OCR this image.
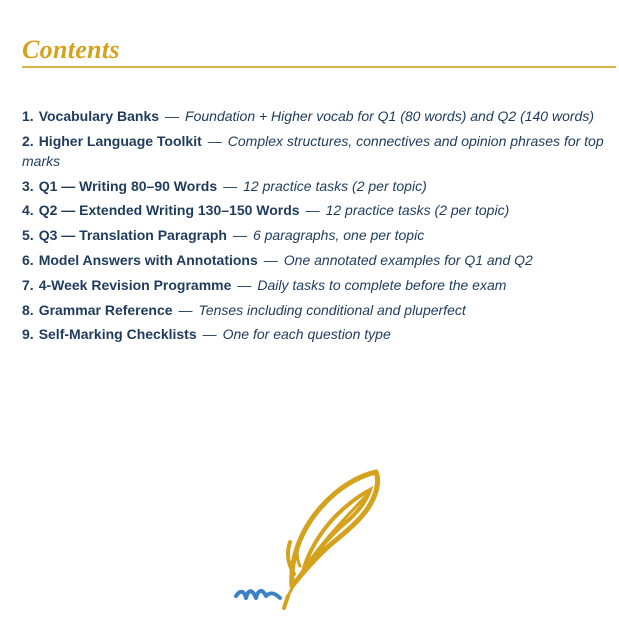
Contents
1. Vocabulary Banks — Foundation + Higher vocab for Q1 (80 words) and Q2 (140 words)
2. Higher Language Toolkit — Complex structures, connectives and opinion phrases for top marks
3. Q1 — Writing 80–90 Words — 12 practice tasks (2 per topic)
4. Q2 — Extended Writing 130–150 Words — 12 practice tasks (2 per topic)
5. Q3 — Translation Paragraph — 6 paragraphs, one per topic
6. Model Answers with Annotations — One annotated examples for Q1 and Q2
7. 4-Week Revision Programme — Daily tasks to complete before the exam
8. Grammar Reference — Tenses including conditional and pluperfect
9. Self-Marking Checklists — One for each question type
